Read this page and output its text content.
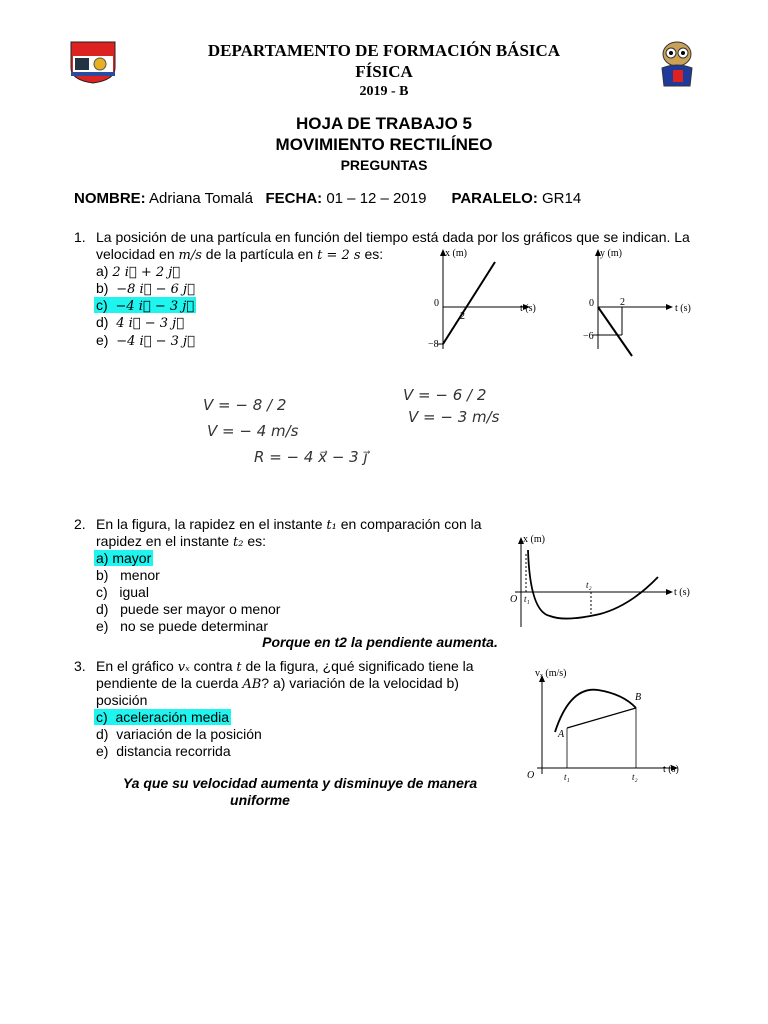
DEPARTAMENTO DE FORMACIÓN BÁSICA
FÍSICA
2019 - B
HOJA DE TRABAJO 5
MOVIMIENTO RECTILÍNEO
PREGUNTAS
NOMBRE: Adriana Tomalá FECHA: 01 – 12 – 2019 PARALELO: GR14
1. La posición de una partícula en función del tiempo está dada por los gráficos que se indican. La
velocidad en m/s de la partícula en t = 2 s es:
a) 2 i⃗ + 2 j⃗
b) −8 i⃗ − 6 j⃗
c) −4 i⃗ − 3 j⃗
d) 4 i⃗ − 3 j⃗
e) −4 i⃗ − 3 j⃗
x (m)
t (s)
0
2
−8
y (m)
t (s)
0	2
−6
V = − 8 / 2
V = − 4 m/s
R = − 4 x⃗ − 3 j⃗
V = − 6 / 2
V = − 3 m/s
2. En la figura, la rapidez en el instante t₁ en comparación con la
rapidez en el instante t₂ es:
a) mayor
b) menor
c) igual
d) puede ser mayor o menor
e) no se puede determinar
Porque en t2 la pendiente aumenta.
x (m)
t (s)
O t₁
t₂
3. En el gráfico vₓ contra t de la figura, ¿qué significado tiene la
pendiente de la cuerda AB? a) variación de la velocidad b)
posición
c) aceleración media
d) variación de la posición
e) distancia recorrida
Ya que su velocidad aumenta y disminuye de manera
uniforme
vₓ (m/s)
t (s)
O
A
B
t₁	t₂
